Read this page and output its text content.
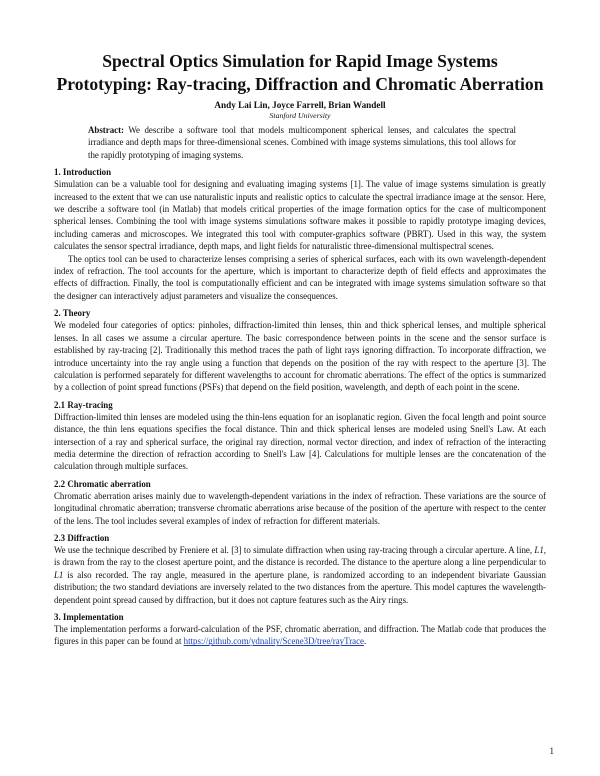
Spectral Optics Simulation for Rapid Image Systems
Prototyping: Ray-tracing, Diffraction and Chromatic Aberration
Andy Lai Lin, Joyce Farrell, Brian Wandell
Stanford University

Abstract: We describe a software tool that models multicomponent spherical lenses, and calculates the spectral irradiance and depth maps for three-dimensional scenes. Combined with image systems simulations, this tool allows for the rapidly prototyping of imaging systems.

1. Introduction

Simulation can be a valuable tool for designing and evaluating imaging systems [1]. The value of image systems simulation is greatly increased to the extent that we can use naturalistic inputs and realistic optics to calculate the spectral irradiance image at the sensor. Here, we describe a software tool (in Matlab) that models critical properties of the image formation optics for the case of multicomponent spherical lenses. Combining the tool with image systems simulations software makes it possible to rapidly prototype imaging devices, including cameras and microscopes. We integrated this tool with computer-graphics software (PBRT). Used in this way, the system calculates the sensor spectral irradiance, depth maps, and light fields for naturalistic three-dimensional multispectral scenes.

The optics tool can be used to characterize lenses comprising a series of spherical surfaces, each with its own wavelength-dependent index of refraction. The tool accounts for the aperture, which is important to characterize depth of field effects and approximates the effects of diffraction. Finally, the tool is computationally efficient and can be integrated with image systems simulation software so that the designer can interactively adjust parameters and visualize the consequences.

2. Theory

We modeled four categories of optics: pinholes, diffraction-limited thin lenses, thin and thick spherical lenses, and multiple spherical lenses. In all cases we assume a circular aperture. The basic correspondence between points in the scene and the sensor surface is established by ray-tracing [2]. Traditionally this method traces the path of light rays ignoring diffraction. To incorporate diffraction, we introduce uncertainty into the ray angle using a function that depends on the position of the ray with respect to the aperture [3]. The calculation is performed separately for different wavelengths to account for chromatic aberrations. The effect of the optics is summarized by a collection of point spread functions (PSFs) that depend on the field position, wavelength, and depth of each point in the scene.

2.1 Ray-tracing

Diffraction-limited thin lenses are modeled using the thin-lens equation for an isoplanatic region. Given the focal length and point source distance, the thin lens equations specifies the focal distance. Thin and thick spherical lenses are modeled using Snell's Law. At each intersection of a ray and spherical surface, the original ray direction, normal vector direction, and index of refraction of the interacting media determine the direction of refraction according to Snell's Law [4]. Calculations for multiple lenses are the concatenation of the calculation through multiple surfaces.

2.2 Chromatic aberration

Chromatic aberration arises mainly due to wavelength-dependent variations in the index of refraction. These variations are the source of longitudinal chromatic aberration; transverse chromatic aberrations arise because of the position of the aperture with respect to the center of the lens. The tool includes several examples of index of refraction for different materials.

2.3 Diffraction

We use the technique described by Freniere et al. [3] to simulate diffraction when using ray-tracing through a circular aperture. A line, L1, is drawn from the ray to the closest aperture point, and the distance is recorded. The distance to the aperture along a line perpendicular to L1 is also recorded. The ray angle, measured in the aperture plane, is randomized according to an independent bivariate Gaussian distribution; the two standard deviations are inversely related to the two distances from the aperture. This model captures the wavelength-dependent point spread caused by diffraction, but it does not capture features such as the Airy rings.

3. Implementation

The implementation performs a forward-calculation of the PSF, chromatic aberration, and diffraction. The Matlab code that produces the figures in this paper can be found at https://github.com/ydnality/Scene3D/tree/rayTrace.

1
